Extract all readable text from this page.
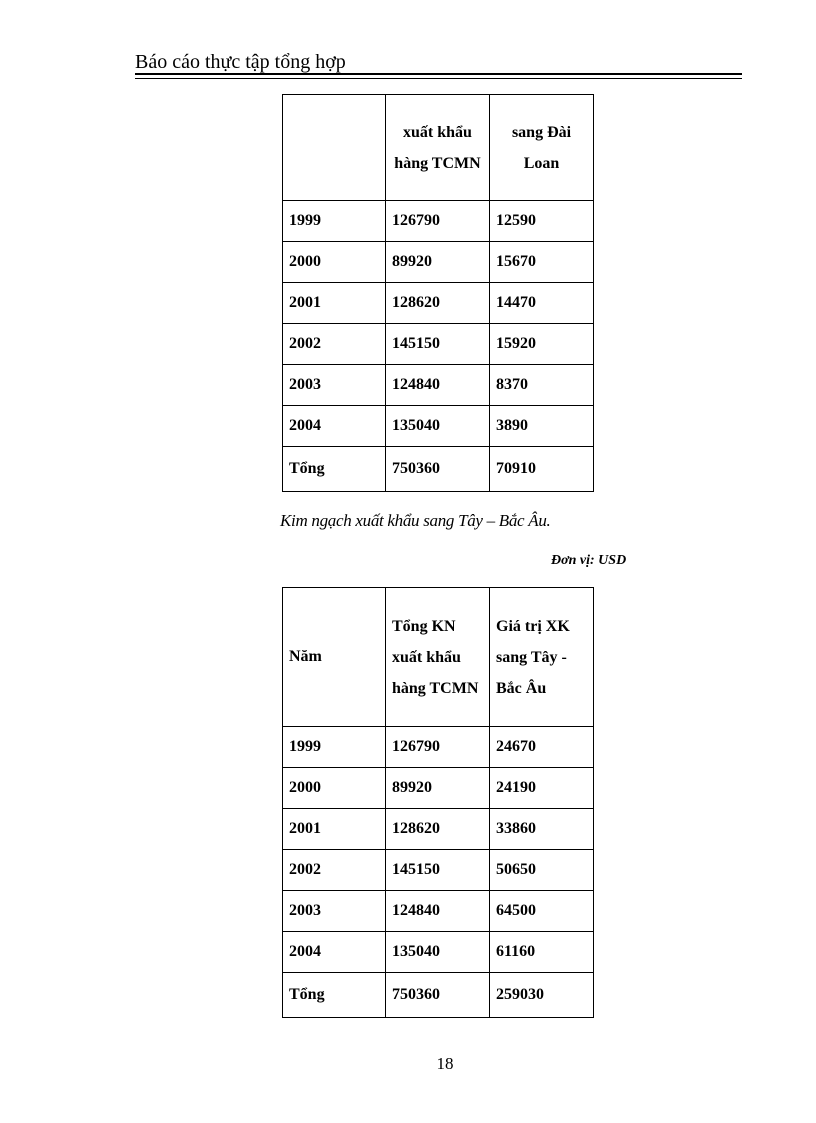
Báo cáo thực tập tổng hợp
	xuất khẩu hàng TCMN	sang Đài Loan
1999	126790	12590
2000	89920	15670
2001	128620	14470
2002	145150	15920
2003	124840	8370
2004	135040	3890
Tổng	750360	70910
Kim ngạch xuất khẩu sang Tây – Bắc Âu.
Đơn vị: USD
Năm	Tổng KN xuất khẩu hàng TCMN	Giá trị XK sang Tây - Bắc Âu
1999	126790	24670
2000	89920	24190
2001	128620	33860
2002	145150	50650
2003	124840	64500
2004	135040	61160
Tổng	750360	259030
18
